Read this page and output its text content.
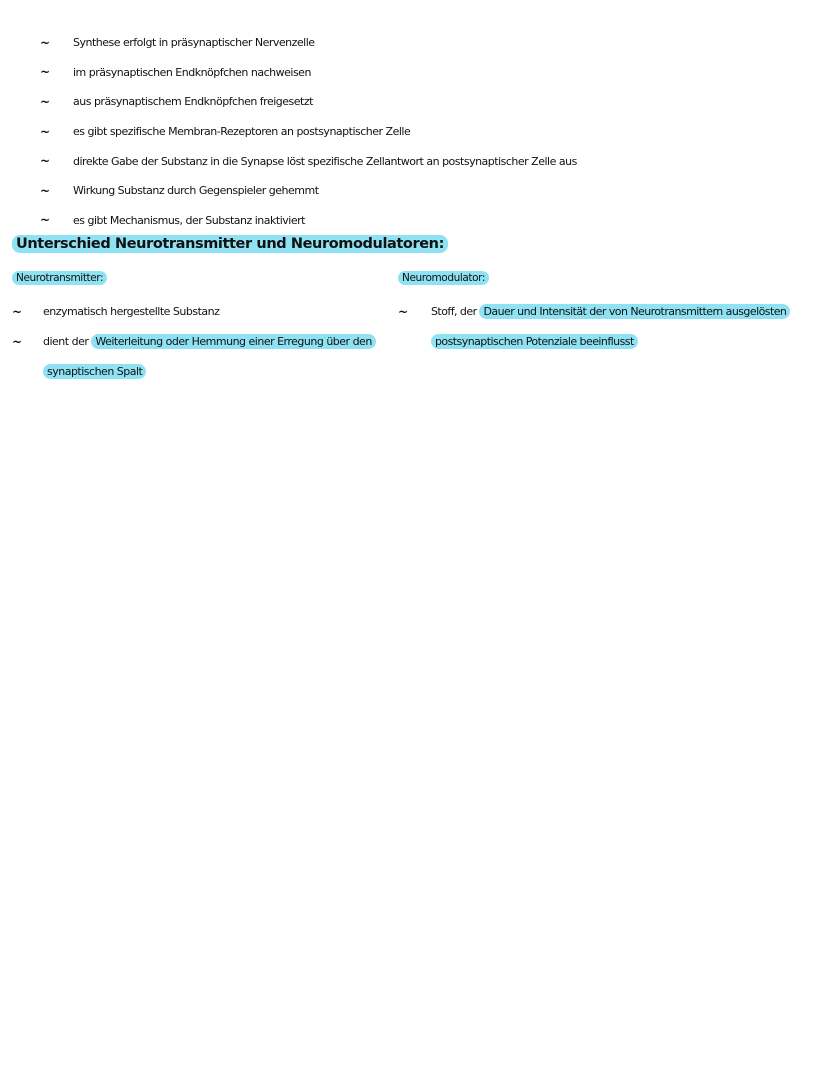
~	Synthese erfolgt in präsynaptischer Nervenzelle
~	im präsynaptischen Endknöpfchen nachweisen
~	aus präsynaptischem Endknöpfchen freigesetzt
~	es gibt spezifische Membran-Rezeptoren an postsynaptischer Zelle
~	direkte Gabe der Substanz in die Synapse löst spezifische Zellantwort an postsynaptischer Zelle aus
~	Wirkung Substanz durch Gegenspieler gehemmt
~	es gibt Mechanismus, der Substanz inaktiviert
Unterschied Neurotransmitter und Neuromodulatoren:
Neurotransmitter:
~ enzymatisch hergestellte Substanz
~ dient der Weiterleitung oder Hemmung einer Erregung über den synaptischen Spalt
Neuromodulator:
~ Stoff, der Dauer und Intensität der von Neurotransmittern ausgelösten postsynaptischen Potenziale beeinflusst
